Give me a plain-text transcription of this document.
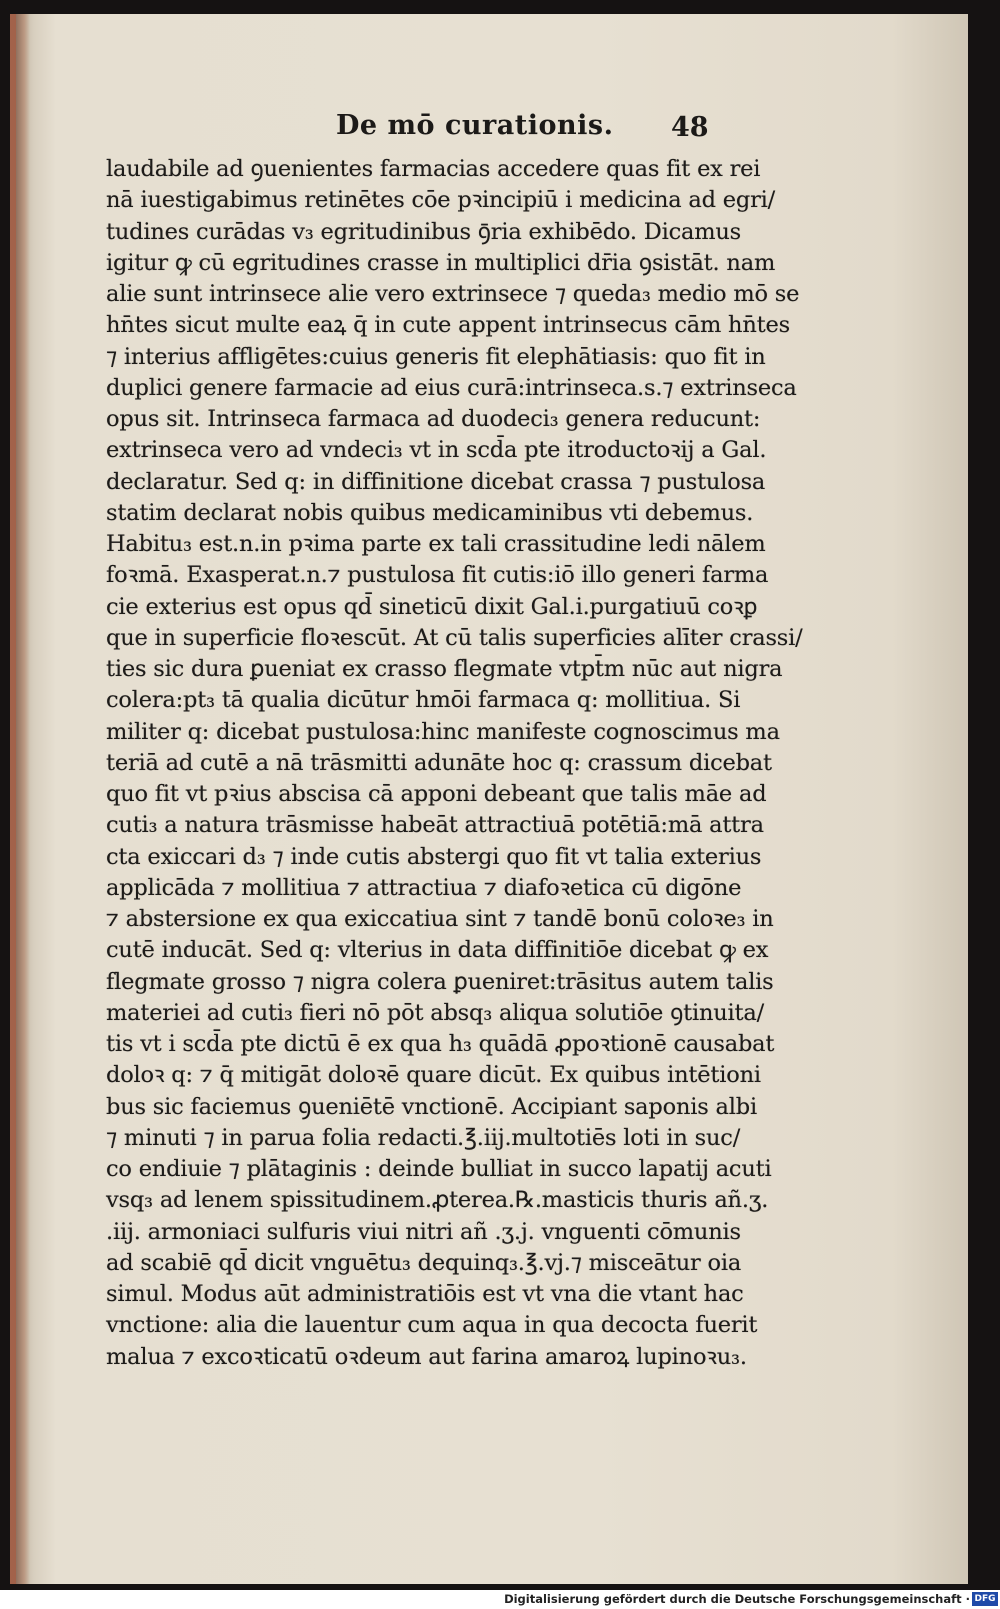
De mō curationis. 48
laudabile ad ꝯuenientes farmacias accedere quas fit ex rei
nā iuestigabimus retinētes cōe pꝛincipiū i medicina ad egri/
tudines curādas v₃ egritudinibus ꝯ̄ria exhibēdo. Dicamus
igitur ꝙ cū egritudines crasse in multiplici dr̄ia ꝯsistāt. nam
alie sunt intrinsece alie vero extrinsece ⁊ queda₃ medio mō se
hn̄tes sicut multe eaꝝ q̄ in cute appent intrinsecus cām hn̄tes
⁊ interius affligētes:cuius generis fit elephātiasis: quo fit in
duplici genere farmacie ad eius curā:intrinseca.s.⁊ extrinseca
opus sit. Intrinseca farmaca ad duodeci₃ genera reducunt:
extrinseca vero ad vndeci₃ vt in scd̄a pte itroductoꝛij a Gal.
declaratur. Sed q: in diffinitione dicebat crassa ⁊ pustulosa
statim declarat nobis quibus medicaminibus vti debemus.
Habitu₃ est.n.in pꝛima parte ex tali crassitudine ledi nālem
foꝛmā. Exasperat.n.⁊ pustulosa fit cutis:iō illo generi farma
cie exterius est opus qd̄ sineticū dixit Gal.i.purgatiuū coꝛꝑ
que in superficie floꝛescūt. At cū talis superficies alīter crassi/
ties sic dura ꝑueniat ex crasso flegmate vtpt̄m nūc aut nigra
colera:pt₃ tā qualia dicūtur hmōi farmaca q: mollitiua. Si
militer q: dicebat pustulosa:hinc manifeste cognoscimus ma
teriā ad cutē a nā trāsmitti adunāte hoc q: crassum dicebat
quo fit vt pꝛius abscisa cā apponi debeant que talis māe ad
cuti₃ a natura trāsmisse habeāt attractiuā potētiā:mā attra
cta exiccari d₃ ⁊ inde cutis abstergi quo fit vt talia exterius
applicāda ⁊ mollitiua ⁊ attractiua ⁊ diafoꝛetica cū digōne
⁊ abstersione ex qua exiccatiua sint ⁊ tandē bonū coloꝛe₃ in
cutē inducāt. Sed q: vlterius in data diffinitiōe dicebat ꝙ ex
flegmate grosso ⁊ nigra colera ꝑueniret:trāsitus autem talis
materiei ad cuti₃ fieri nō pōt absq₃ aliqua solutiōe ꝯtinuita/
tis vt i scd̄a pte dictū ē ex qua h₃ quādā ꝓpoꝛtionē causabat
doloꝛ q: ⁊ q̄ mitigāt doloꝛē quare dicūt. Ex quibus intētioni
bus sic faciemus ꝯueniētē vnctionē. Accipiant saponis albi
⁊ minuti ⁊ in parua folia redacti.℥.iij.multotiēs loti in suc/
co endiuie ⁊ plātaginis : deinde bulliat in succo lapatij acuti
vsq₃ ad lenem spissitudinem.ꝓterea.℞.masticis thuris añ.ʒ.
.iij. armoniaci sulfuris viui nitri añ .ʒ.j. vnguenti cōmunis
ad scabiē qd̄ dicit vnguētu₃ dequinq₃.℥.vj.⁊ misceātur oia
simul. Modus aūt administratiōis est vt vna die vtant hac
vnctione: alia die lauentur cum aqua in qua decocta fuerit
malua ⁊ excoꝛticatū oꝛdeum aut farina amaroꝝ lupinoꝛu₃.
Digitalisierung gefördert durch die Deutsche Forschungsgemeinschaft · DFG
